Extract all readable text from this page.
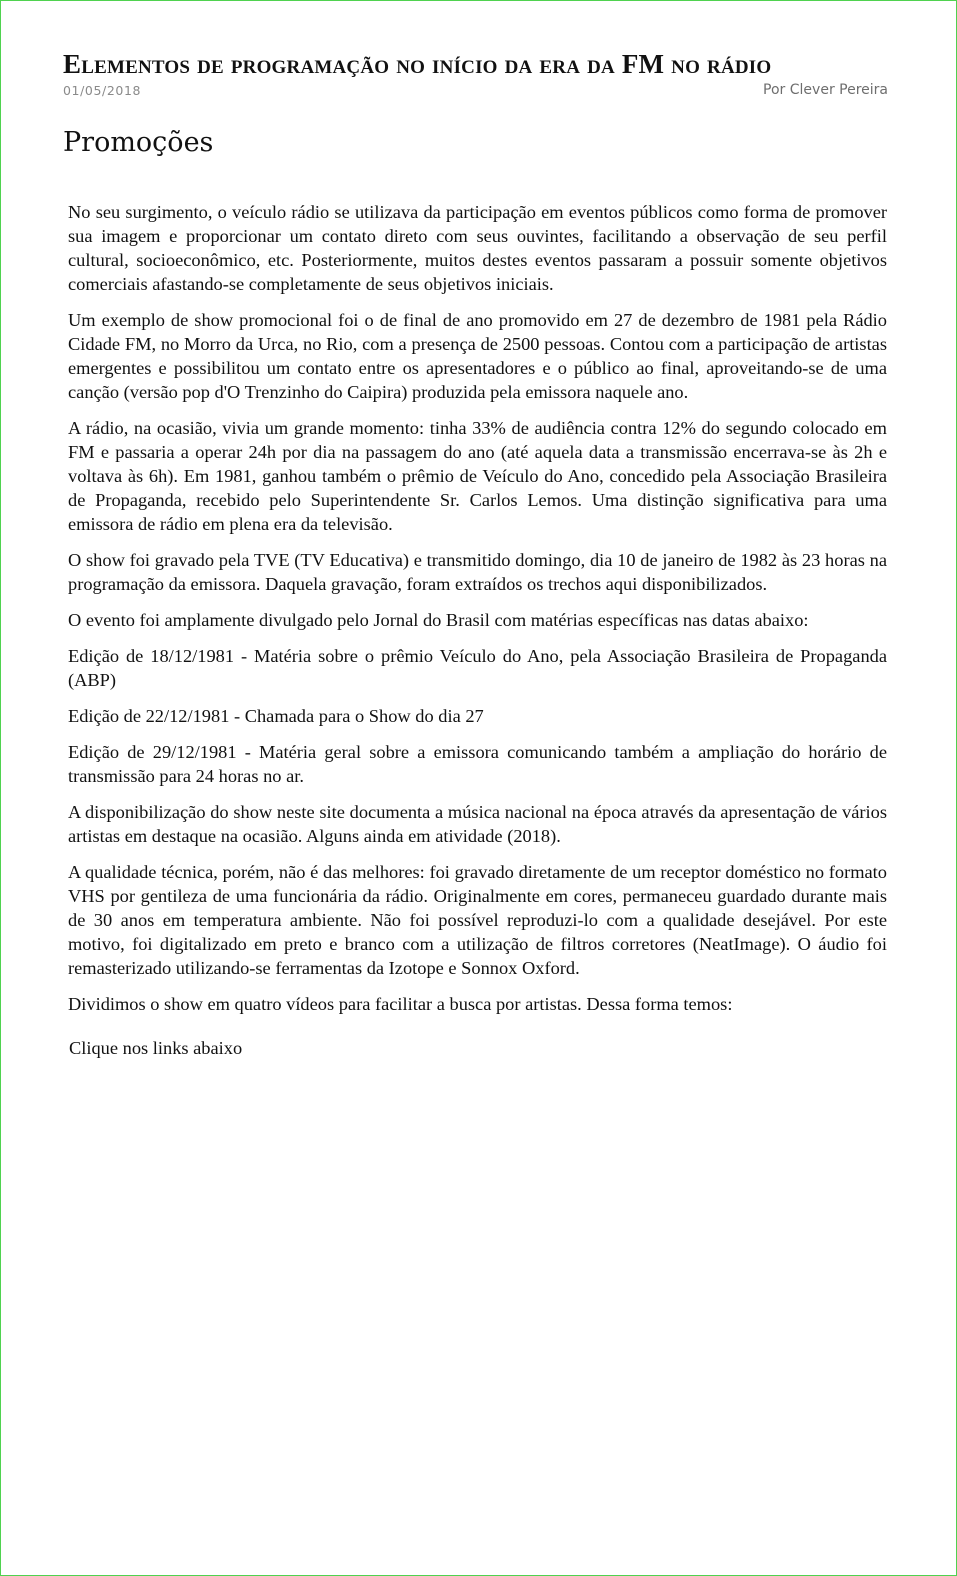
Elementos de programação no início da era da FM no rádio
01/05/2018	Por Clever Pereira
Promoções

No seu surgimento, o veículo rádio se utilizava da participação em eventos públicos como forma de promover sua imagem e proporcionar um contato direto com seus ouvintes, facilitando a observação de seu perfil cultural, socioeconômico, etc. Posteriormente, muitos destes eventos passaram a possuir somente objetivos comerciais afastando-se completamente de seus objetivos iniciais.

Um exemplo de show promocional foi o de final de ano promovido em 27 de dezembro de 1981 pela Rádio Cidade FM, no Morro da Urca, no Rio, com a presença de 2500 pessoas. Contou com a participação de artistas emergentes e possibilitou um contato entre os apresentadores e o público ao final, aproveitando-se de uma canção (versão pop d'O Trenzinho do Caipira) produzida pela emissora naquele ano.

A rádio, na ocasião, vivia um grande momento: tinha 33% de audiência contra 12% do segundo colocado em FM e passaria a operar 24h por dia na passagem do ano (até aquela data a transmissão encerrava-se às 2h e voltava às 6h). Em 1981, ganhou também o prêmio de Veículo do Ano, concedido pela Associação Brasileira de Propaganda, recebido pelo Superintendente Sr. Carlos Lemos. Uma distinção significativa para uma emissora de rádio em plena era da televisão.

O show foi gravado pela TVE (TV Educativa) e transmitido domingo, dia 10 de janeiro de 1982 às 23 horas na programação da emissora. Daquela gravação, foram extraídos os trechos aqui disponibilizados.

O evento foi amplamente divulgado pelo Jornal do Brasil com matérias específicas nas datas abaixo:

Edição de 18/12/1981 - Matéria sobre o prêmio Veículo do Ano, pela Associação Brasileira de Propaganda (ABP)

Edição de 22/12/1981 - Chamada para o Show do dia 27

Edição de 29/12/1981 - Matéria geral sobre a emissora comunicando também a ampliação do horário de transmissão para 24 horas no ar.

A disponibilização do show neste site documenta a música nacional na época através da apresentação de vários artistas em destaque na ocasião. Alguns ainda em atividade (2018).

A qualidade técnica, porém, não é das melhores: foi gravado diretamente de um receptor doméstico no formato VHS por gentileza de uma funcionária da rádio. Originalmente em cores, permaneceu guardado durante mais de 30 anos em temperatura ambiente. Não foi possível reproduzi-lo com a qualidade desejável. Por este motivo, foi digitalizado em preto e branco com a utilização de filtros corretores (NeatImage). O áudio foi remasterizado utilizando-se ferramentas da Izotope e Sonnox Oxford.

Dividimos o show em quatro vídeos para facilitar a busca por artistas. Dessa forma temos:

Clique nos links abaixo
